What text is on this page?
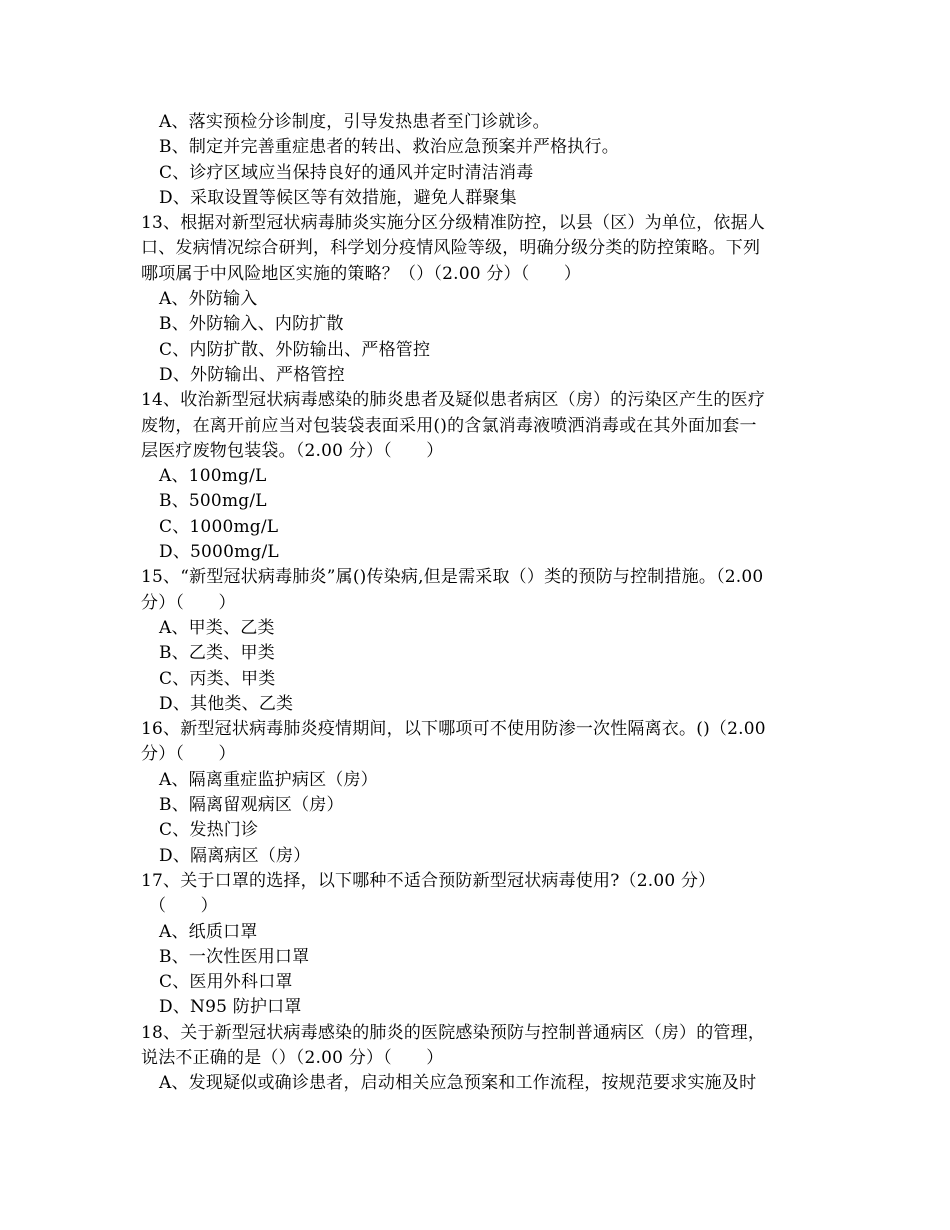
A、落实预检分诊制度，引导发热患者至门诊就诊。
B、制定并完善重症患者的转出、救治应急预案并严格执行。
C、诊疗区域应当保持良好的通风并定时清洁消毒
D、采取设置等候区等有效措施，避免人群聚集
13、根据对新型冠状病毒肺炎实施分区分级精准防控，以县（区）为单位，依据人
口、发病情况综合研判，科学划分疫情风险等级，明确分级分类的防控策略。下列
哪项属于中风险地区实施的策略？（）（2.00 分）（　　）
A、外防输入
B、外防输入、内防扩散
C、内防扩散、外防输出、严格管控
D、外防输出、严格管控
14、收治新型冠状病毒感染的肺炎患者及疑似患者病区（房）的污染区产生的医疗
废物，在离开前应当对包装袋表面采用()的含氯消毒液喷洒消毒或在其外面加套一
层医疗废物包装袋。（2.00 分）（　　）
A、100mg/L
B、500mg/L
C、1000mg/L
D、5000mg/L
15、“新型冠状病毒肺炎”属()传染病,但是需采取（）类的预防与控制措施。（2.00
分）（　　）
A、甲类、乙类
B、乙类、甲类
C、丙类、甲类
D、其他类、乙类
16、新型冠状病毒肺炎疫情期间，以下哪项可不使用防渗一次性隔离衣。()（2.00
分）（　　）
A、隔离重症监护病区（房）
B、隔离留观病区（房）
C、发热门诊
D、隔离病区（房）
17、关于口罩的选择，以下哪种不适合预防新型冠状病毒使用?（2.00 分）
（　　）
A、纸质口罩
B、一次性医用口罩
C、医用外科口罩
D、N95 防护口罩
18、关于新型冠状病毒感染的肺炎的医院感染预防与控制普通病区（房）的管理，
说法不正确的是（）（2.00 分）（　　）
A、发现疑似或确诊患者，启动相关应急预案和工作流程，按规范要求实施及时
